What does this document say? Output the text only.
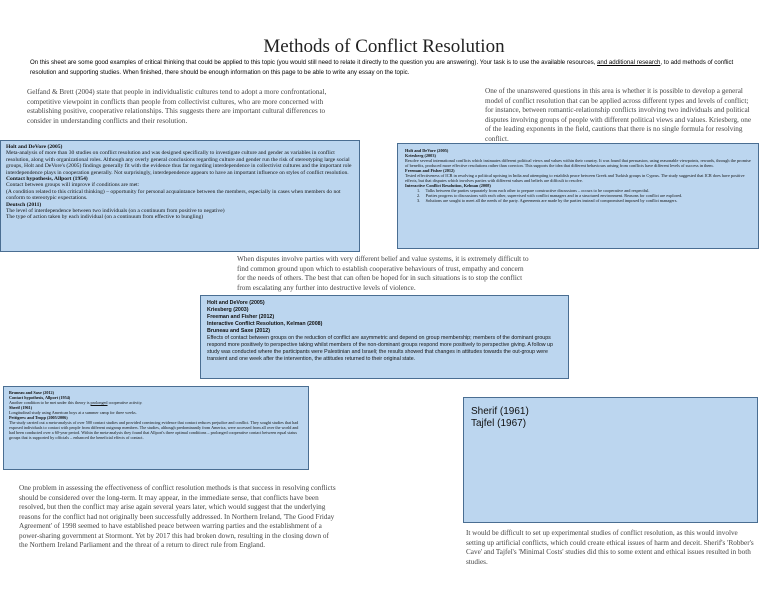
Methods of Conflict Resolution
On this sheet are some good examples of critical thinking that could be applied to this topic (you would still need to relate it directly to the question you are answering). Your task is to use the available resources, and additional research, to add methods of conflict resolution and supporting studies. When finished, there should be enough information on this page to be able to write any essay on the topic.
Gelfand & Brett (2004) state that people in individualistic cultures tend to adopt a more confrontational, competitive viewpoint in conflicts than people from collectivist cultures, who are more concerned with establishing positive, cooperative relationships. This suggests there are important cultural differences to consider in understanding conflicts and their resolution.
One of the unanswered questions in this area is whether it is possible to develop a general model of conflict resolution that can be applied across different types and levels of conflict; for instance, between romantic-relationship conflicts involving two individuals and political disputes involving groups of people with different political views and values. Kriesberg, one of the leading exponents in the field, cautions that there is no single formula for resolving conflict.
Holt and DeVore (2005)
Meta-analysis of more than 30 studies on conflict resolution and was designed specifically to investigate culture and gender as variables in conflict resolution, along with organizational roles. Although any overly general conclusions regarding culture and gender run the risk of stereotyping large social groups, Holt and DeVore's (2005) findings generally fit with the evidence thus far regarding interdependence in collectivist cultures and the important role interdependence plays in cooperation generally. Not surprisingly, interdependence appears to have an important influence on styles of conflict resolution.
Contact hypothesis, Allport (1954)
Contact between groups will improve if conditions are met:
(A condition related to this critical thinking) – opportunity for personal acquaintance between the members, especially in cases when members do not conform to stereotypic expectations.
Deutsch (2011)
The level of interdependence between two individuals (on a continuum from positive to negative)
The type of action taken by each individual (on a continuum from effective to bungling)
Holt and DeVore (2005)
Kriesberg (2003)
Resolve several international conflicts which insinuates different political views and values within their country. It was found that persuasion, using reasonable viewpoints, rewards, through the promise of benefits, produced more effective resolutions rather than coercion. This supports the idea that different behaviours arising from conflicts have different levels of success in them.
Freeman and Fisher (2012)
Tested effectiveness of ICR in resolving a political uprising in India and attempting to establish peace between Greek and Turkish groups in Cyprus. The study suggested that ICR does have positive effects, but that disputes which involves parties with different values and beliefs are difficult to resolve.
Interactive Conflict Resolution, Kelman (2008)
1.     Talks between the parties separately from each other to prepare constructive discussions – occurs to be cooperative and respectful.
2.     Parties progress to discussions with each other, supervised with conflict managers and in a structured environment. Reasons for conflict are explored.
3.     Solutions are sought to meet all the needs of the party. Agreements are made by the parties instead of compromised imposed by conflict managers.
When disputes involve parties with very different belief and value systems, it is extremely difficult to find common ground upon which to establish cooperative behaviours of trust, empathy and concern for the needs of others. The best that can often be hoped for in such situations is to stop the conflict from escalating any further into destructive levels of violence.
Holt and DeVore (2005)
Kriesberg (2003)
Freeman and Fisher (2012)
Interactive Conflict Resolution, Kelman (2008)
Bruneau and Saxe (2012)
Effects of contact between groups on the reduction of conflict are asymmetric and depend on group membership; members of the dominant groups respond more positively to perspective taking whilst members of the non-dominant groups respond more positively to perspective giving. A follow up study was conducted where the participants were Palestinian and Israeli; the results showed that changes in attitudes towards the out-group were transient and one week after the intervention, the attitudes returned to their original state.
Bruneau and Saxe (2012)
Contact hypothesis, Allport (1954)
Another condition to be met under this theory is prolonged cooperative activity.
Sherif (1961)
Longitudinal study using American boys at a summer camp for three weeks.
Pettigrew and Tropp (2005/2006)
The study carried out a meta-analysis of over 500 contact studies and provided convincing evidence that contact reduces prejudice and conflict. They sought studies that had exposed individuals to contact with people from different outgroup members. The studies, although predominantly from America, were accessed from all over the world and had been conducted over a 60-year period. Within the meta-analysis they found that Allport's three optimal conditions – prolonged cooperative contact between equal status groups that is supported by officials – enhanced the beneficial effects of contact.
Sherif (1961)
Tajfel (1967)
One problem in assessing the effectiveness of conflict resolution methods is that success in resolving conflicts should be considered over the long-term. It may appear, in the immediate sense, that conflicts have been resolved, but then the conflict may arise again several years later, which would suggest that the underlying reasons for the conflict had not originally been successfully addressed. In Northern Ireland, 'The Good Friday Agreement' of 1998 seemed to have established peace between warring parties and the establishment of a power-sharing government at Stormont. Yet by 2017 this had broken down, resulting in the closing down of the Northern Ireland Parliament and the threat of a return to direct rule from England.
It would be difficult to set up experimental studies of conflict resolution, as this would involve setting up artificial conflicts, which could create ethical issues of harm and deceit. Sherif's 'Robber's Cave' and Tajfel's 'Minimal Costs' studies did this to some extent and ethical issues resulted in both studies.
